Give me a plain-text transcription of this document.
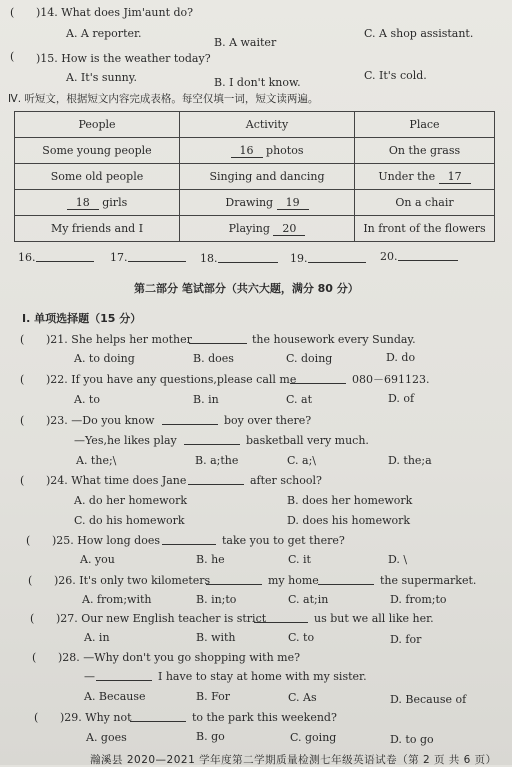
( )14. What does Jim'aunt do?
A. A reporter.
B. A waiter
C. A shop assistant.
( )15. How is the weather today?
A. It's sunny.	B. I don't know.
C. It's cold.
Ⅳ. 听短文，根据短文内容完成表格。每空仅填一词，短文读两遍。
People	Activity	Place
Some young people	16 photos	On the grass
Some old people	Singing and dancing	Under the 17
18 girls	Drawing 19	On a chair
My friends and I	Playing 20	In front of the flowers
16.	17.	18.	19.	20.
第二部分 笔试部分（共六大题，满分 80 分）
Ⅰ. 单项选择题（15 分）
( )21. She helps her mother	the housework every Sunday.
A. to doing	B. does	C. doing	D. do
( )22. If you have any questions,please call me	080－691123.
A. to	B. in	C. at	D. of
( )23. —Do you know	boy over there?
—Yes,he likes play	basketball very much.
A. the;\	B. a;the	C. a;\	D. the;a
( )24. What time does Jane	after school?
A. do her homework	B. does her homework
C. do his homework	D. does his homework
( )25. How long does	take you to get there?
A. you	B. he	C. it	D. \
( )26. It's only two kilometers	my home	the supermarket.
A. from;with	B. in;to	C. at;in	D. from;to
( )27. Our new English teacher is strict	us but we all like her.
A. in	B. with	C. to	D. for
( )28. —Why don't you go shopping with me?
—	I have to stay at home with my sister.
A. Because	B. For	C. As	D. Because of
( )29. Why not	to the park this weekend?
A. goes	B. go	C. going	D. to go
瀚溪县 2020—2021 学年度第二学期质量检测七年级英语试卷（第 2 页 共 6 页）
